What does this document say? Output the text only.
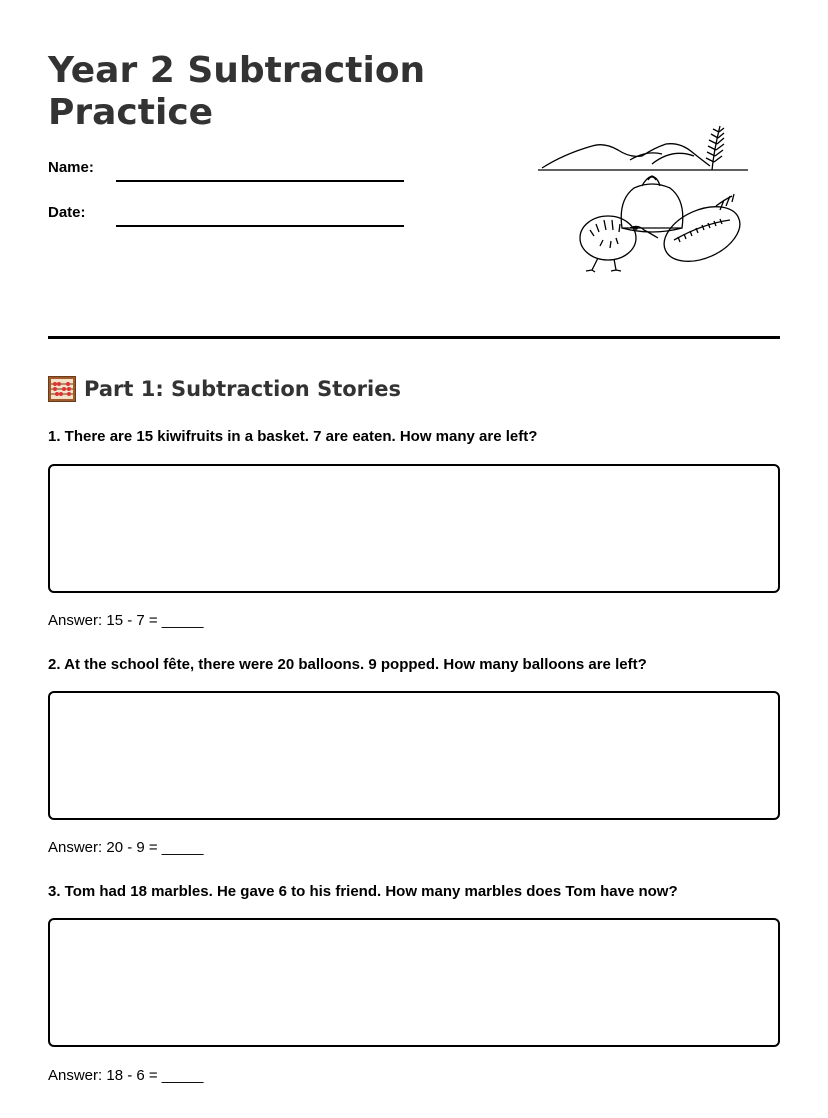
Year 2 Subtraction Practice
Name:
Date:
Part 1: Subtraction Stories

1. There are 15 kiwifruits in a basket. 7 are eaten. How many are left?

Answer: 15 - 7 = _____

2. At the school fête, there were 20 balloons. 9 popped. How many balloons are left?

Answer: 20 - 9 = _____

3. Tom had 18 marbles. He gave 6 to his friend. How many marbles does Tom have now?

Answer: 18 - 6 = _____
